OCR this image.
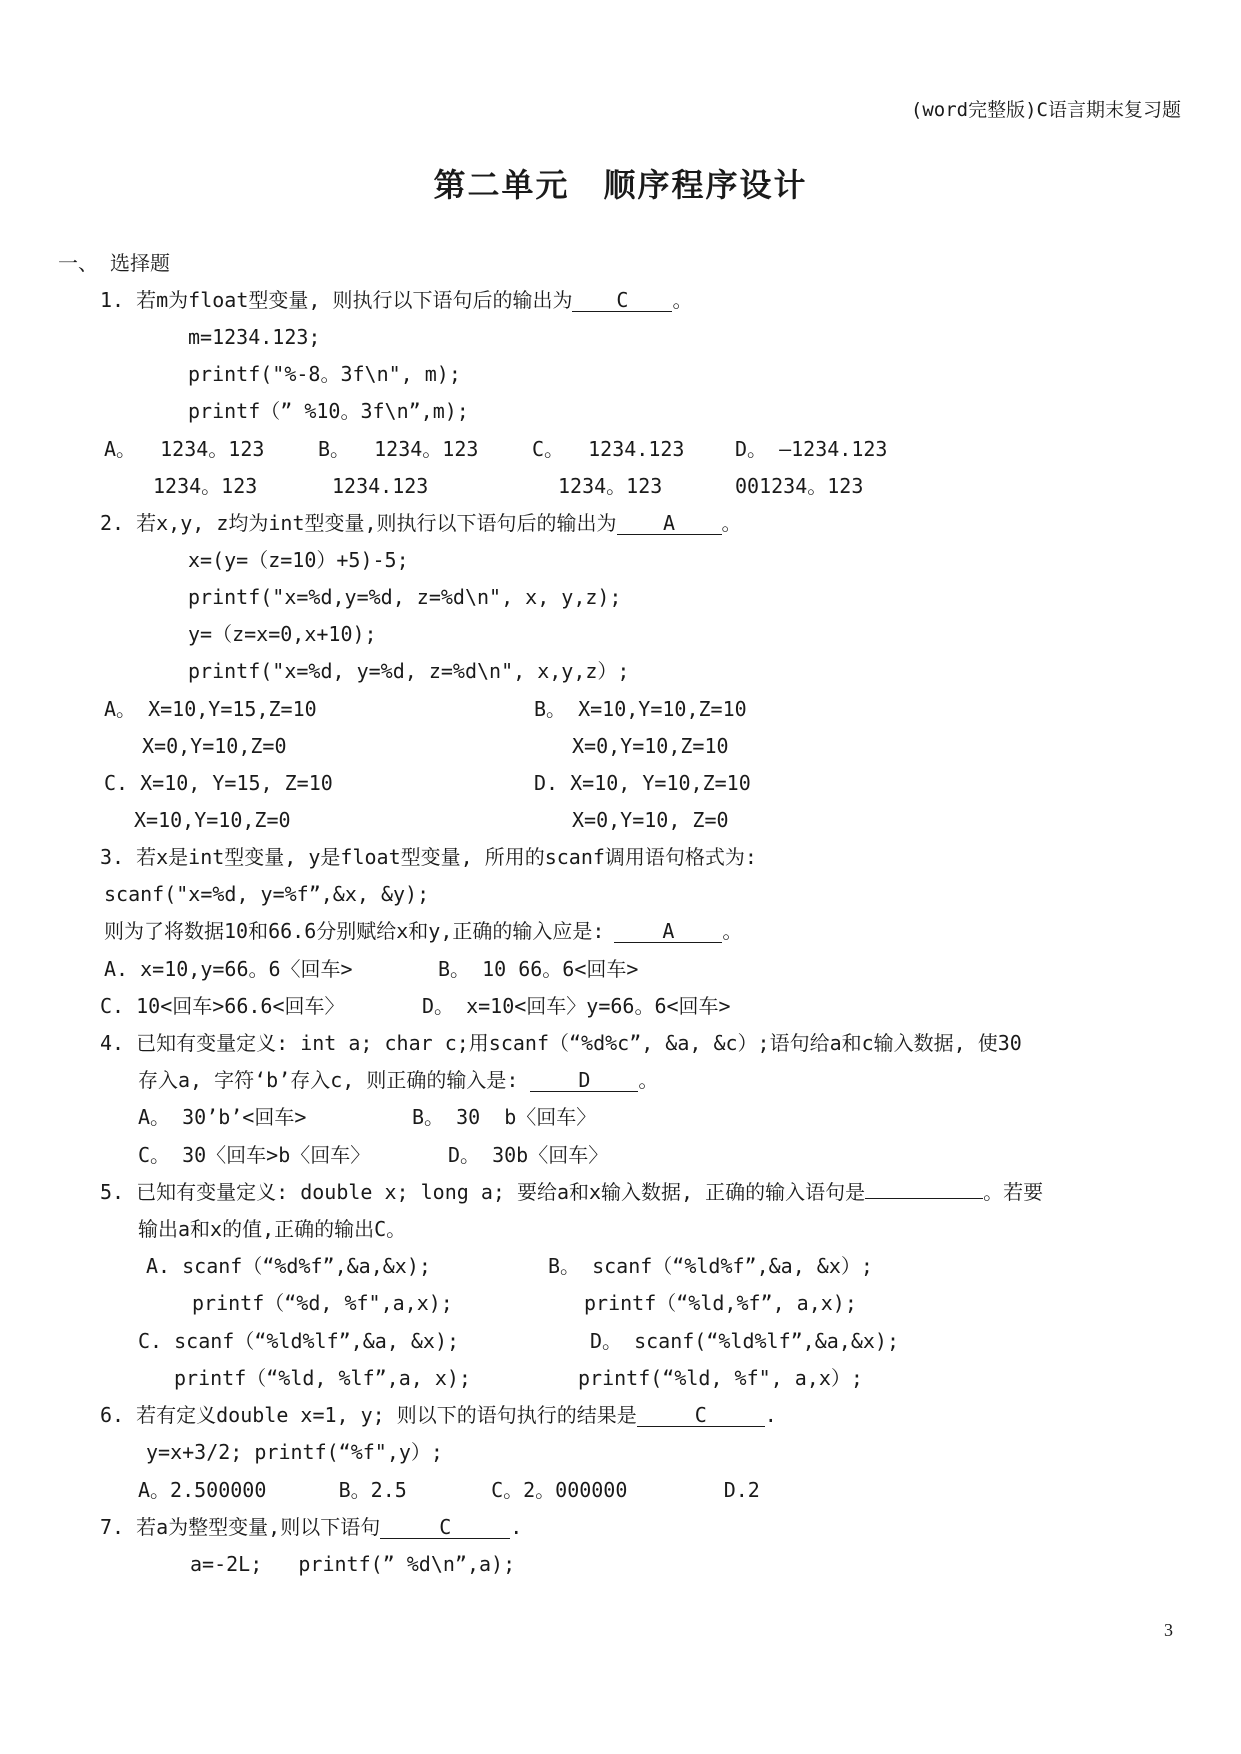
(word完整版)C语言期末复习题
第二单元　顺序程序设计
一、 选择题
1. 若m为float型变量, 则执行以下语句后的输出为 C 。
m=1234.123;
printf("%-8。3f\n", m);
printf（” %10。3f\n”,m);
A。  1234。123	B。  1234。123	C。  1234.123	D。 —1234.123
1234。123	1234.123	1234。123	001234。123
2. 若x,y, z均为int型变量,则执行以下语句后的输出为 A 。
x=(y=（z=10）+5)-5;
printf("x=%d,y=%d, z=%d\n", x, y,z);
y=（z=x=0,x+10);
printf("x=%d, y=%d, z=%d\n", x,y,z）;
A。 X=10,Y=15,Z=10	B。 X=10,Y=10,Z=10
X=0,Y=10,Z=0	X=0,Y=10,Z=10
C. X=10, Y=15, Z=10	D. X=10, Y=10,Z=10
X=10,Y=10,Z=0	X=0,Y=10, Z=0
3. 若x是int型变量, y是float型变量, 所用的scanf调用语句格式为:
scanf("x=%d, y=%f”,&x, &y);
则为了将数据10和66.6分别赋给x和y,正确的输入应是:	A 。
A. x=10,y=66。6〈回车>	B。 10 66。6<回车>
C. 10<回车>66.6<回车〉	D。 x=10<回车〉y=66。6<回车>
4. 已知有变量定义: int a; char c;用scanf（“%d%c”, &a, &c）;语句给a和c输入数据, 使30
存入a, 字符‘b’存入c, 则正确的输入是:	D 。
A。 30’b’<回车>	B。 30  b〈回车〉
C。 30〈回车>b〈回车〉	D。 30b〈回车〉
5. 已知有变量定义: double x; long a; 要给a和x输入数据, 正确的输入语句是	。若要
输出a和x的值,正确的输出C。
A. scanf（“%d%f”,&a,&x);	B。 scanf（“%ld%f”,&a, &x）;
printf（“%d, %f",a,x);	printf（“%ld,%f”, a,x);
C. scanf（“%ld%lf”,&a, &x);	D。 scanf(“%ld%lf”,&a,&x);
printf（“%ld, %lf”,a, x);	printf(“%ld, %f", a,x）;
6. 若有定义double x=1, y; 则以下的语句执行的结果是	C	.
y=x+3/2; printf(“%f",y）;
A。2.500000      B。2.5       C。2。000000        D.2
7. 若a为整型变量,则以下语句	C	.
a=-2L;   printf(” %d\n”,a);
3
